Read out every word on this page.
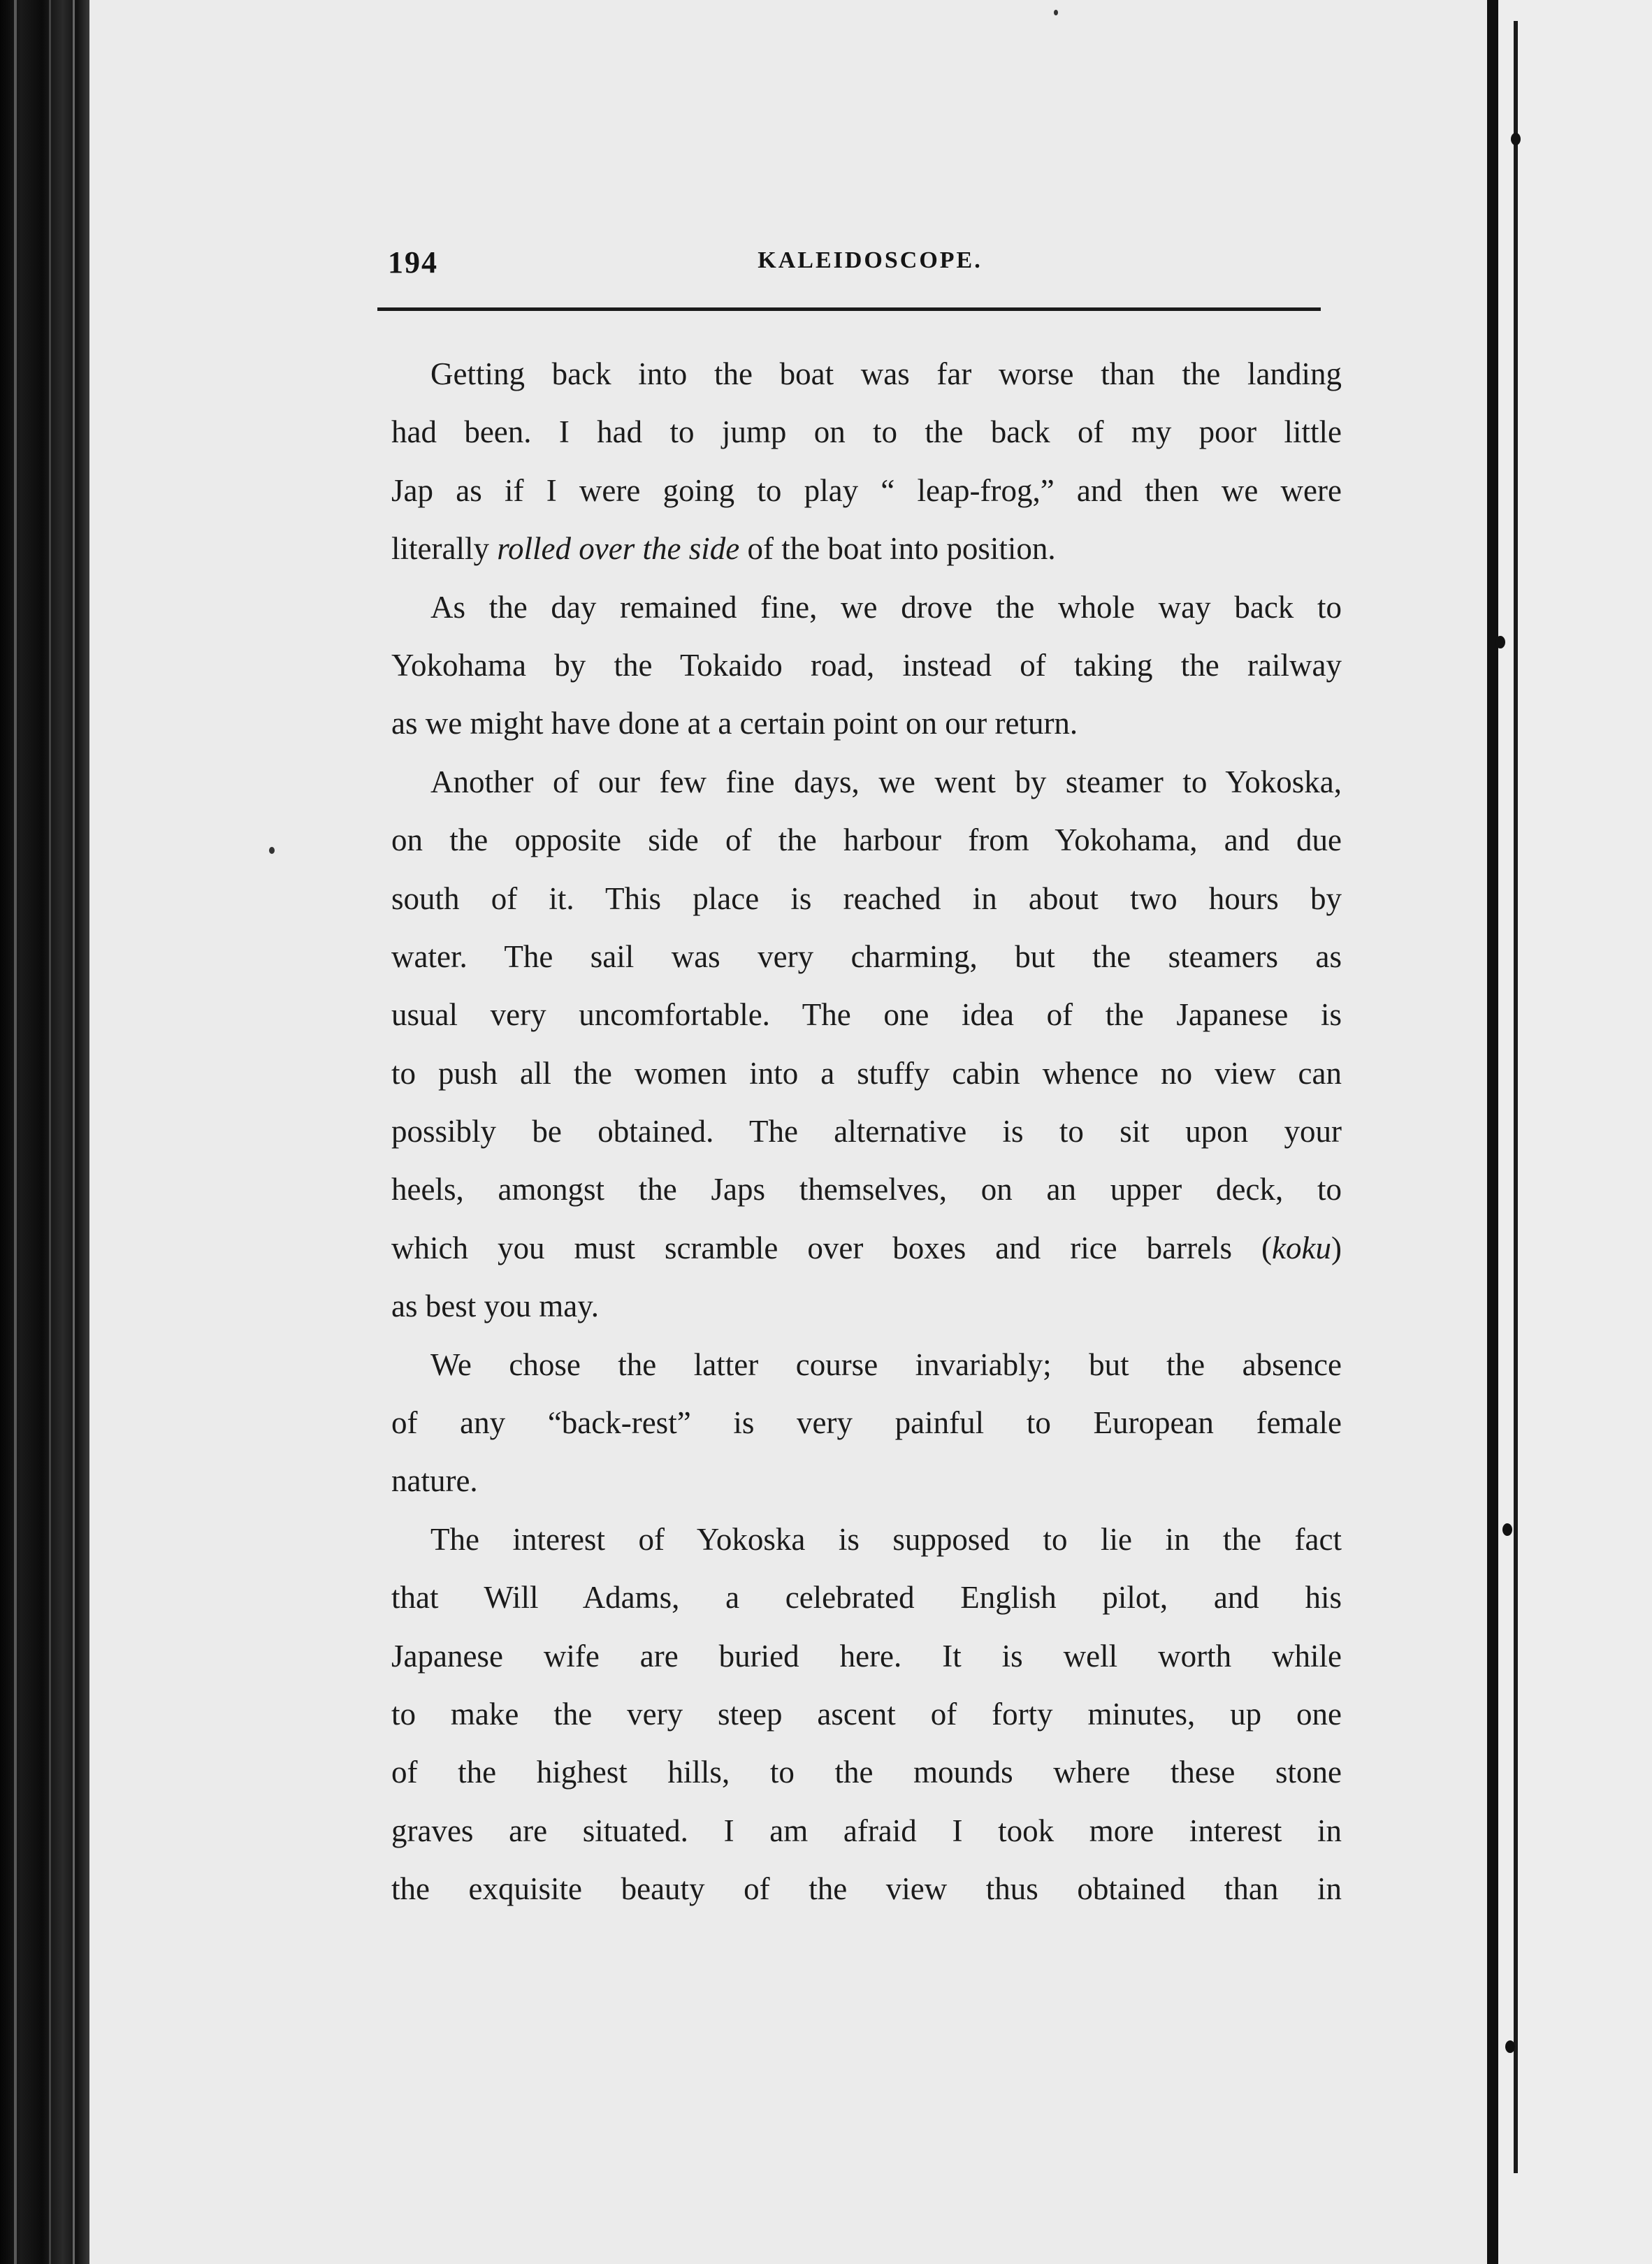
194	KALEIDOSCOPE.
Getting back into the boat was far worse than the landing
had been. I had to jump on to the back of my poor little
Jap as if I were going to play “ leap-frog,” and then we were
literally rolled over the side of the boat into position.
As the day remained fine, we drove the whole way back to
Yokohama by the Tokaido road, instead of taking the railway
as we might have done at a certain point on our return.
Another of our few fine days, we went by steamer to Yokoska,
on the opposite side of the harbour from Yokohama, and due
south of it. This place is reached in about two hours by
water. The sail was very charming, but the steamers as
usual very uncomfortable. The one idea of the Japanese is
to push all the women into a stuffy cabin whence no view can
possibly be obtained. The alternative is to sit upon your
heels, amongst the Japs themselves, on an upper deck, to
which you must scramble over boxes and rice barrels (koku)
as best you may.
We chose the latter course invariably; but the absence
of any “back-rest” is very painful to European female
nature.
The interest of Yokoska is supposed to lie in the fact
that Will Adams, a celebrated English pilot, and his
Japanese wife are buried here. It is well worth while
to make the very steep ascent of forty minutes, up one
of the highest hills, to the mounds where these stone
graves are situated. I am afraid I took more interest in
the exquisite beauty of the view thus obtained than in
